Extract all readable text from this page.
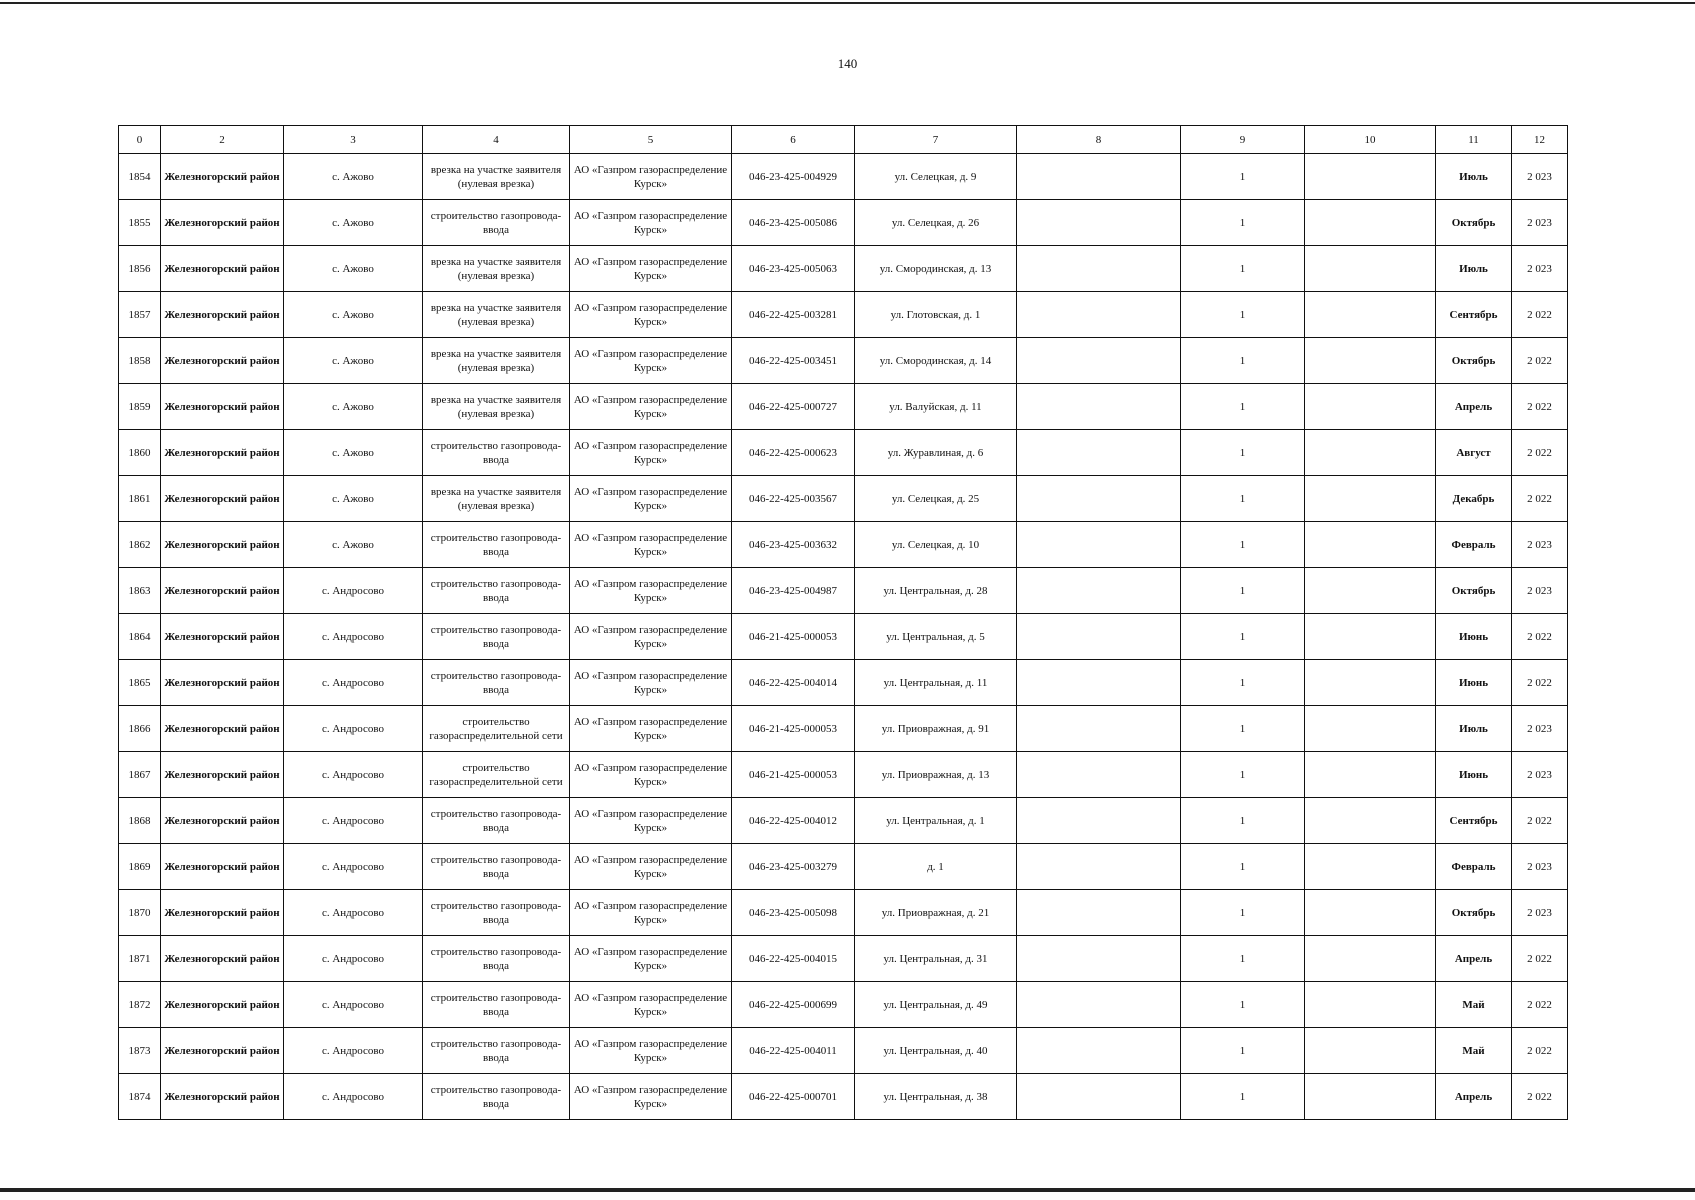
140
0	2	3	4	5	6	7	8	9	10	11	12
1854	Железногорский район	с. Ажово	врезка на участке заявителя (нулевая врезка)	АО «Газпром газораспределение Курск»	046-23-425-004929	ул. Селецкая, д. 9		1		Июль	2 023
1855	Железногорский район	с. Ажово	строительство газопровода-ввода	АО «Газпром газораспределение Курск»	046-23-425-005086	ул. Селецкая, д. 26		1		Октябрь	2 023
1856	Железногорский район	с. Ажово	врезка на участке заявителя (нулевая врезка)	АО «Газпром газораспределение Курск»	046-23-425-005063	ул. Смородинская, д. 13		1		Июль	2 023
1857	Железногорский район	с. Ажово	врезка на участке заявителя (нулевая врезка)	АО «Газпром газораспределение Курск»	046-22-425-003281	ул. Глотовская, д. 1		1		Сентябрь	2 022
1858	Железногорский район	с. Ажово	врезка на участке заявителя (нулевая врезка)	АО «Газпром газораспределение Курск»	046-22-425-003451	ул. Смородинская, д. 14		1		Октябрь	2 022
1859	Железногорский район	с. Ажово	врезка на участке заявителя (нулевая врезка)	АО «Газпром газораспределение Курск»	046-22-425-000727	ул. Валуйская, д. 11		1		Апрель	2 022
1860	Железногорский район	с. Ажово	строительство газопровода-ввода	АО «Газпром газораспределение Курск»	046-22-425-000623	ул. Журавлиная, д. 6		1		Август	2 022
1861	Железногорский район	с. Ажово	врезка на участке заявителя (нулевая врезка)	АО «Газпром газораспределение Курск»	046-22-425-003567	ул. Селецкая, д. 25		1		Декабрь	2 022
1862	Железногорский район	с. Ажово	строительство газопровода-ввода	АО «Газпром газораспределение Курск»	046-23-425-003632	ул. Селецкая, д. 10		1		Февраль	2 023
1863	Железногорский район	с. Андросово	строительство газопровода-ввода	АО «Газпром газораспределение Курск»	046-23-425-004987	ул. Центральная, д. 28		1		Октябрь	2 023
1864	Железногорский район	с. Андросово	строительство газопровода-ввода	АО «Газпром газораспределение Курск»	046-21-425-000053	ул. Центральная, д. 5		1		Июнь	2 022
1865	Железногорский район	с. Андросово	строительство газопровода-ввода	АО «Газпром газораспределение Курск»	046-22-425-004014	ул. Центральная, д. 11		1		Июнь	2 022
1866	Железногорский район	с. Андросово	строительство газораспределительной сети	АО «Газпром газораспределение Курск»	046-21-425-000053	ул. Приовражная, д. 91		1		Июль	2 023
1867	Железногорский район	с. Андросово	строительство газораспределительной сети	АО «Газпром газораспределение Курск»	046-21-425-000053	ул. Приовражная, д. 13		1		Июнь	2 023
1868	Железногорский район	с. Андросово	строительство газопровода-ввода	АО «Газпром газораспределение Курск»	046-22-425-004012	ул. Центральная, д. 1		1		Сентябрь	2 022
1869	Железногорский район	с. Андросово	строительство газопровода-ввода	АО «Газпром газораспределение Курск»	046-23-425-003279	д. 1		1		Февраль	2 023
1870	Железногорский район	с. Андросово	строительство газопровода-ввода	АО «Газпром газораспределение Курск»	046-23-425-005098	ул. Приовражная, д. 21		1		Октябрь	2 023
1871	Железногорский район	с. Андросово	строительство газопровода-ввода	АО «Газпром газораспределение Курск»	046-22-425-004015	ул. Центральная, д. 31		1		Апрель	2 022
1872	Железногорский район	с. Андросово	строительство газопровода-ввода	АО «Газпром газораспределение Курск»	046-22-425-000699	ул. Центральная, д. 49		1		Май	2 022
1873	Железногорский район	с. Андросово	строительство газопровода-ввода	АО «Газпром газораспределение Курск»	046-22-425-004011	ул. Центральная, д. 40		1		Май	2 022
1874	Железногорский район	с. Андросово	строительство газопровода-ввода	АО «Газпром газораспределение Курск»	046-22-425-000701	ул. Центральная, д. 38		1		Апрель	2 022
